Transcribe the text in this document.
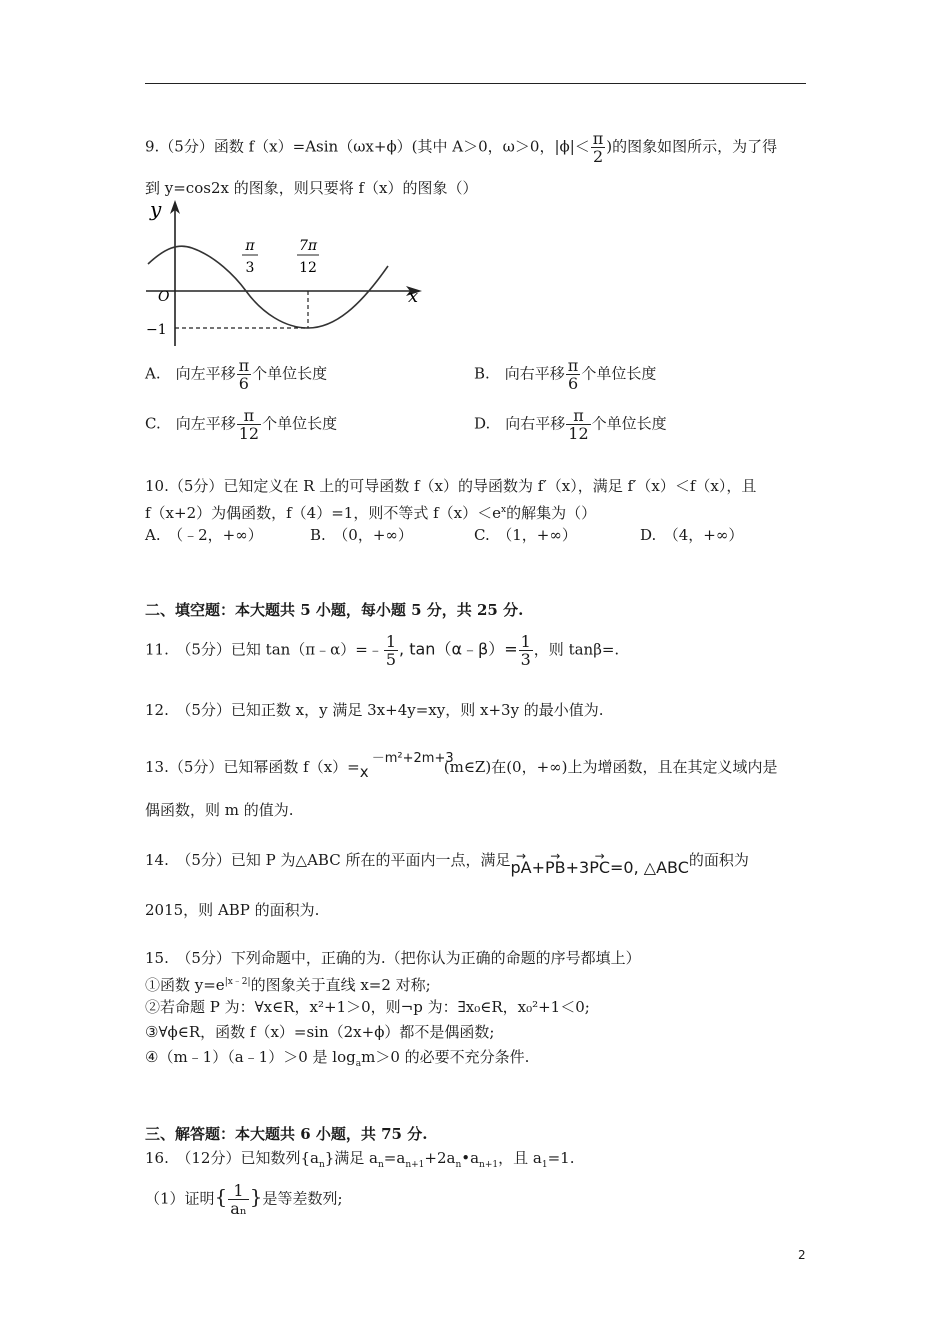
9.（5分）函数 f（x）=Asin（ωx+ϕ）(其中 A＞0，ω＞0，$|\phi|< \frac{\pi}{2}$ )的图象如图所示，为了得
到 y=cos2x 的图象，则只要将 f（x）的图象（）
y
x
O
−1
π
3
7π
12
A.　向左平移 $\frac{\pi}{6}$ 个单位长度	B.　向右平移 $\frac{\pi}{6}$ 个单位长度
C.　向左平移 $\frac{\pi}{12}$ 个单位长度	D.　向右平移 $\frac{\pi}{12}$ 个单位长度
10.（5分）已知定义在 R 上的可导函数 f（x）的导函数为 f′（x），满足 f′（x）＜f（x），且
f（x+2）为偶函数，f（4）=1，则不等式 $f(x)<e^x$的解集为（）
A.　（﹣2，+∞）	B.　（0，+∞）	C.　（1，+∞）	D.　（4，+∞）
二、填空题：本大题共 5 小题，每小题 5 分，共 25 分.
11.　（5分）已知 tan（π﹣α）=﹣ $\frac{1}{5}$ , tan（α﹣β）= $\frac{1}{3}$ ，则 tanβ=.
12.　（5分）已知正数 x，y 满足 3x+4y=xy，则 x+3y 的最小值为.
13.（5分）已知幂函数 f（x）= x
－m²+2m+3
(m∈Z)在(0，+∞)上为增函数，且在其定义域内是
偶函数，则 m 的值为.
14.　（5分）已知 P 为△ABC 所在的平面内一点，满足→ pA+→ PB+3→ PC=0, △ABC的面积为
2015，则 ABP 的面积为.
15.　（5分）下列命题中，正确的为.（把你认为正确的命题的序号都填上）
①函数 $y=e^{|x﹣2|}$的图象关于直线 x=2 对称;
②若命题 P 为：∀x∈R，x²+1＞0，则¬p 为：∃x₀∈R，x₀²+1＜0;
③∀ϕ∈R，函数 f（x）=sin（2x+ϕ）都不是偶函数;
④（m﹣1）（a﹣1）＞0 是 $\log_am>0$ 的必要不充分条件.
三、解答题：本大题共 6 小题，共 75 分.
16.　（12分）已知数列$\{a_n\}$满足 $a_n=a_{n+1}+2a_n•a_{n+1}$，且 $a_1=1$.
（1）证明{ $\frac{1}{\text{aₙ}}$ }是等差数列;
2
